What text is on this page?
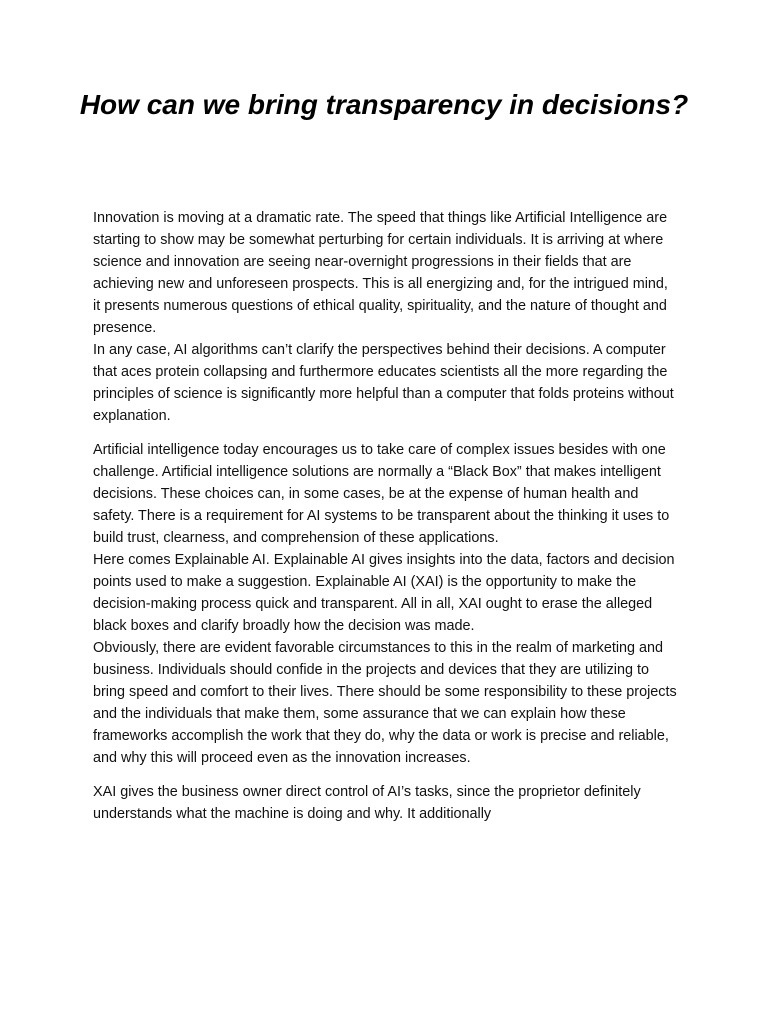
How can we bring transparency in decisions?

Innovation is moving at a dramatic rate. The speed that things like Artificial Intelligence are starting to show may be somewhat perturbing for certain individuals. It is arriving at where science and innovation are seeing near-overnight progressions in their fields that are achieving new and unforeseen prospects. This is all energizing and, for the intrigued mind, it presents numerous questions of ethical quality, spirituality, and the nature of thought and presence.

In any case, AI algorithms can’t clarify the perspectives behind their decisions. A computer that aces protein collapsing and furthermore educates scientists all the more regarding the principles of science is significantly more helpful than a computer that folds proteins without explanation.

Artificial intelligence today encourages us to take care of complex issues besides with one challenge. Artificial intelligence solutions are normally a “Black Box” that makes intelligent decisions. These choices can, in some cases, be at the expense of human health and safety. There is a requirement for AI systems to be transparent about the thinking it uses to build trust, clearness, and comprehension of these applications.

Here comes Explainable AI. Explainable AI gives insights into the data, factors and decision points used to make a suggestion. Explainable AI (XAI) is the opportunity to make the decision-making process quick and transparent. All in all, XAI ought to erase the alleged black boxes and clarify broadly how the decision was made.

Obviously, there are evident favorable circumstances to this in the realm of marketing and business. Individuals should confide in the projects and devices that they are utilizing to bring speed and comfort to their lives. There should be some responsibility to these projects and the individuals that make them, some assurance that we can explain how these frameworks accomplish the work that they do, why the data or work is precise and reliable, and why this will proceed even as the innovation increases.

XAI gives the business owner direct control of AI’s tasks, since the proprietor definitely understands what the machine is doing and why. It additionally
